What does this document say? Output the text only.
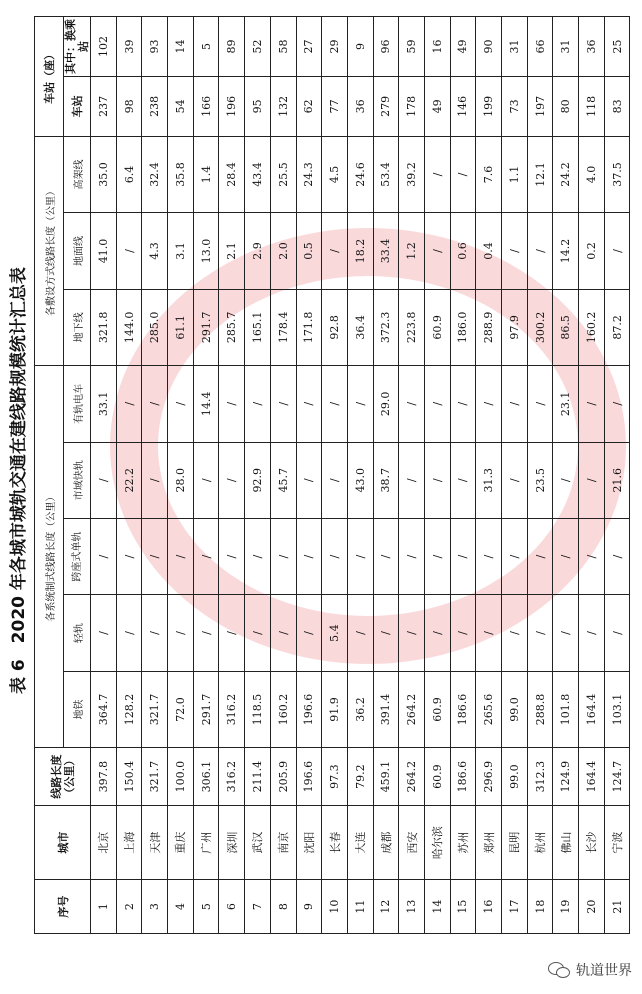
表 6 2020 年各城市城轨交通在建线路规模统计汇总表
序号	城市	线路长度（公里）	各系统制式线路长度（公里）					各敷设方式线路长度（公里）			车站（座）	
			地铁	轻轨	跨座式单轨	市域快轨	有轨电车	地下线	地面线	高架线	车站	其中：换乘站

1	北京	397.8	364.7	/	/	/	33.1	321.8	41.0	35.0	237	102
2	上海	150.4	128.2	/	/	22.2	/	144.0	/	6.4	98	39
3	天津	321.7	321.7	/	/	/	/	285.0	4.3	32.4	238	93
4	重庆	100.0	72.0	/	/	28.0	/	61.1	3.1	35.8	54	14
5	广州	306.1	291.7	/	/	/	14.4	291.7	13.0	1.4	166	5
6	深圳	316.2	316.2	/	/	/	/	285.7	2.1	28.4	196	89
7	武汉	211.4	118.5	/	/	92.9	/	165.1	2.9	43.4	95	52
8	南京	205.9	160.2	/	/	45.7	/	178.4	2.0	25.5	132	58
9	沈阳	196.6	196.6	/	/	/	/	171.8	0.5	24.3	62	27
10	长春	97.3	91.9	5.4	/	/	/	92.8	/	4.5	77	29
11	大连	79.2	36.2	/	/	43.0	/	36.4	18.2	24.6	36	9
12	成都	459.1	391.4	/	/	38.7	29.0	372.3	33.4	53.4	279	96
13	西安	264.2	264.2	/	/	/	/	223.8	1.2	39.2	178	59
14	哈尔滨	60.9	60.9	/	/	/	/	60.9	/	/	49	16
15	苏州	186.6	186.6	/	/	/	/	186.0	0.6	/	146	49
16	郑州	296.9	265.6	/	/	31.3	/	288.9	0.4	7.6	199	90
17	昆明	99.0	99.0	/	/	/	/	97.9	/	1.1	73	31
18	杭州	312.3	288.8	/	/	23.5	/	300.2	/	12.1	197	66
19	佛山	124.9	101.8	/	/	/	23.1	86.5	14.2	24.2	80	31
20	长沙	164.4	164.4	/	/	/	/	160.2	0.2	4.0	118	36
21	宁波	124.7	103.1	/	/	21.6	/	87.2	/	37.5	83	25
轨道世界
